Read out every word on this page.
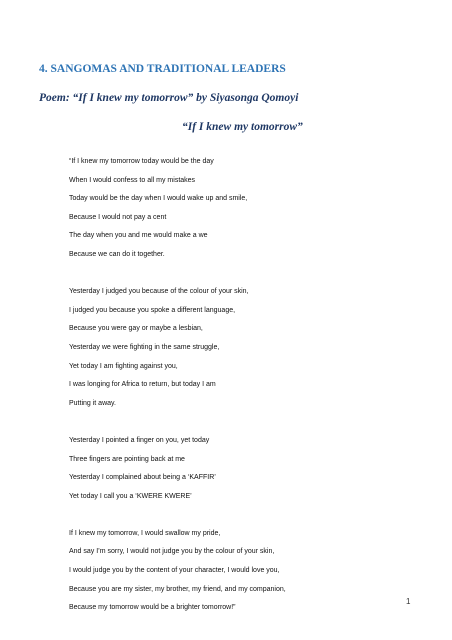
4. SANGOMAS AND TRADITIONAL LEADERS
Poem: “If I knew my tomorrow” by Siyasonga Qomoyi
“If I knew my tomorrow”
“If I knew my tomorrow today would be the day
When I would confess to all my mistakes
Today would be the day when I would wake up and smile,
Because I would not pay a cent
The day when you and me would make a we
Because we can do it together.
Yesterday I judged you because of the colour of your skin,
I judged you because you spoke a different language,
Because you were gay or maybe a lesbian,
Yesterday we were fighting in the same struggle,
Yet today I am fighting against you,
I was longing for Africa to return, but today I am
Putting it away.
Yesterday I pointed a finger on you, yet today
Three fingers are pointing back at me
Yesterday I complained about being a ‘KAFFIR’
Yet today I call you a ‘KWERE KWERE’
If I knew my tomorrow, I would swallow my pride,
And say I’m sorry, I would not judge you by the colour of your skin,
I would judge you by the content of your character, I would love you,
Because you are my sister, my brother, my friend, and my companion,
Because my tomorrow would be a brighter tomorrow!”
1
